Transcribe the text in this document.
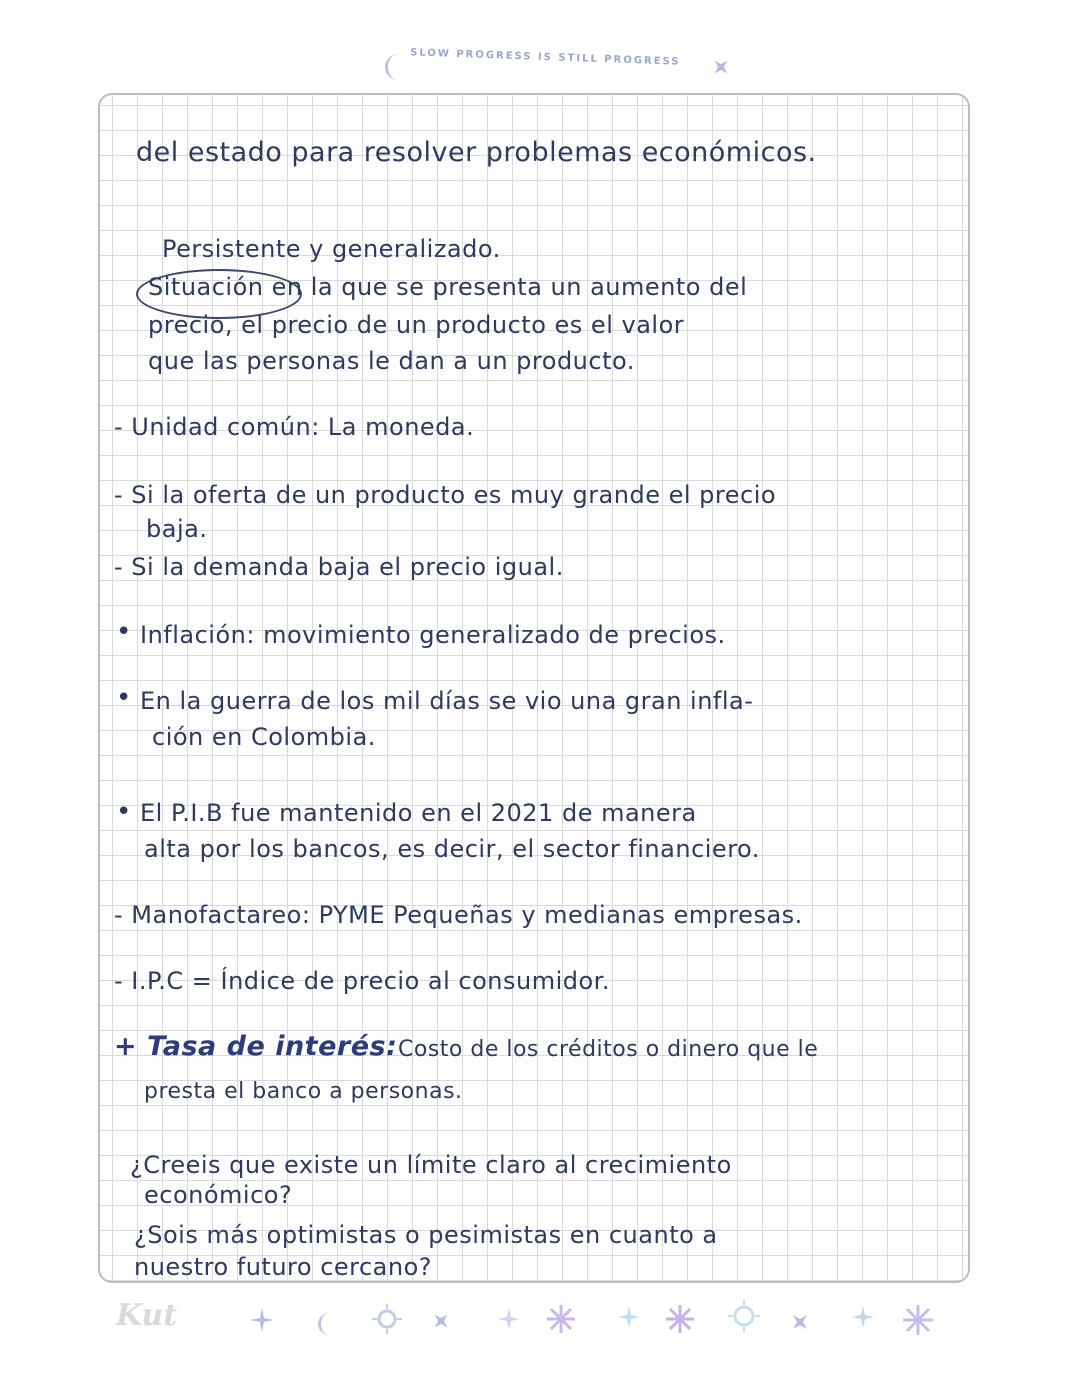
SLOW PROGRESS IS STILL PROGRESS
del estado para resolver problemas económicos.
Persistente y generalizado.
Situación en la que se presenta un aumento del
precio, el precio de un producto es el valor
que las personas le dan a un producto.
- Unidad común: La moneda.
- Si la oferta de un producto es muy grande el precio
baja.
- Si la demanda baja el precio igual.
• Inflación: movimiento generalizado de precios.
• En la guerra de los mil días se vio una gran infla-
ción en Colombia.
• El P.I.B fue mantenido en el 2021 de manera
alta por los bancos, es decir, el sector financiero.
- Manofactareo: PYME Pequeñas y medianas empresas.
- I.P.C = Índice de precio al consumidor.
+ Tasa de interés: Costo de los créditos o dinero que le
presta el banco a personas.
¿Creeis que existe un límite claro al crecimiento
económico?
¿Sois más optimistas o pesimistas en cuanto a
nuestro futuro cercano?
Kut
